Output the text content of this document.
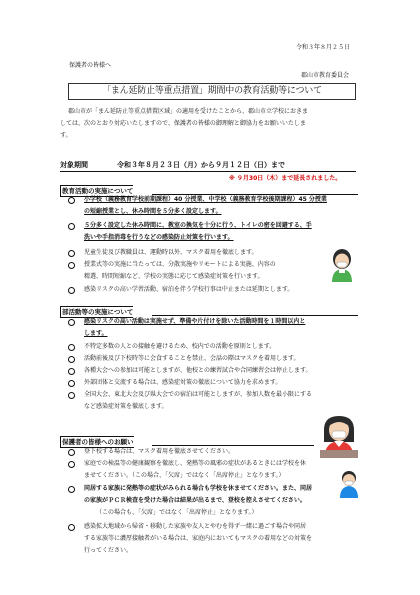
令和３年８月２５日
保護者の皆様へ
郡山市教育委員会
「まん延防止等重点措置」期間中の教育活動等について
郡山市が「まん延防止等重点措置区域」の適用を受けたことから、郡山市立学校におきま
しては、次のとおり対応いたしますので、保護者の皆様の御理解と御協力をお願いいたしま
す。
対象期間	令和３年８月２３日（月）から９月１２日（日）まで
※ ９月30日（木）まで延長されました。
教育活動の実施について
小学校（義務教育学校前期課程）40 分授業、中学校（義務教育学校後期課程）45 分授業
の短縮授業とし、休み時間を５分多く設定します。
５分多く設定した休み時間に、教室の換気を十分に行う、トイレの密を回避する、手
洗いや手指消毒を行うなどの感染防止対策を行います。
児童生徒及び教職員は、運動時以外、マスク着用を徹底します。
授業式等の実施に当たっては、分散実施やリモートによる実施、内容の
精選、時間短縮など、学校の実態に応じて感染症対策を行います。
感染リスクの高い学習活動、宿泊を伴う学校行事は中止または延期とします。
部活動等の実施について
感染リスクの高い活動は実施せず、準備や片付けを除いた活動時間を１時間以内と
します。
不特定多数の人との接触を避けるため、校内での活動を原則とします。
活動前後及び下校時等に会食することを禁止、会話の際はマスクを着用します。
各種大会への参加は可能としますが、他校との練習試合や合同練習会は停止します。
外部団体と交流する場合は、感染症対策の徹底について協力を求めます。
全国大会、東北大会及び県大会での宿泊は可能としますが、参加人数を最小限にする
など感染症対策を徹底します。
保護者の皆様へのお願い
登下校する場合は、マスク着用を徹底させてください。
家庭での検温等の健康観察を徹底し、発熱等の風邪の症状があるときには学校を休
ませてください。（この場合、「欠席」ではなく「出席停止」となります。）
同居する家族に発熱等の症状がみられる場合も学校を休ませてください。また、同居
の家族がＰＣＲ検査を受けた場合は結果が出るまで、登校を控えさせてください。
（この場合も、「欠席」ではなく「出席停止」となります。）
感染拡大地域から帰省・移動した家族や友人とやむを得ず一緒に過ごす場合や同居
する家族等に濃厚接触者がいる場合は、家庭内においてもマスクの着用などの対策を
行ってください。
